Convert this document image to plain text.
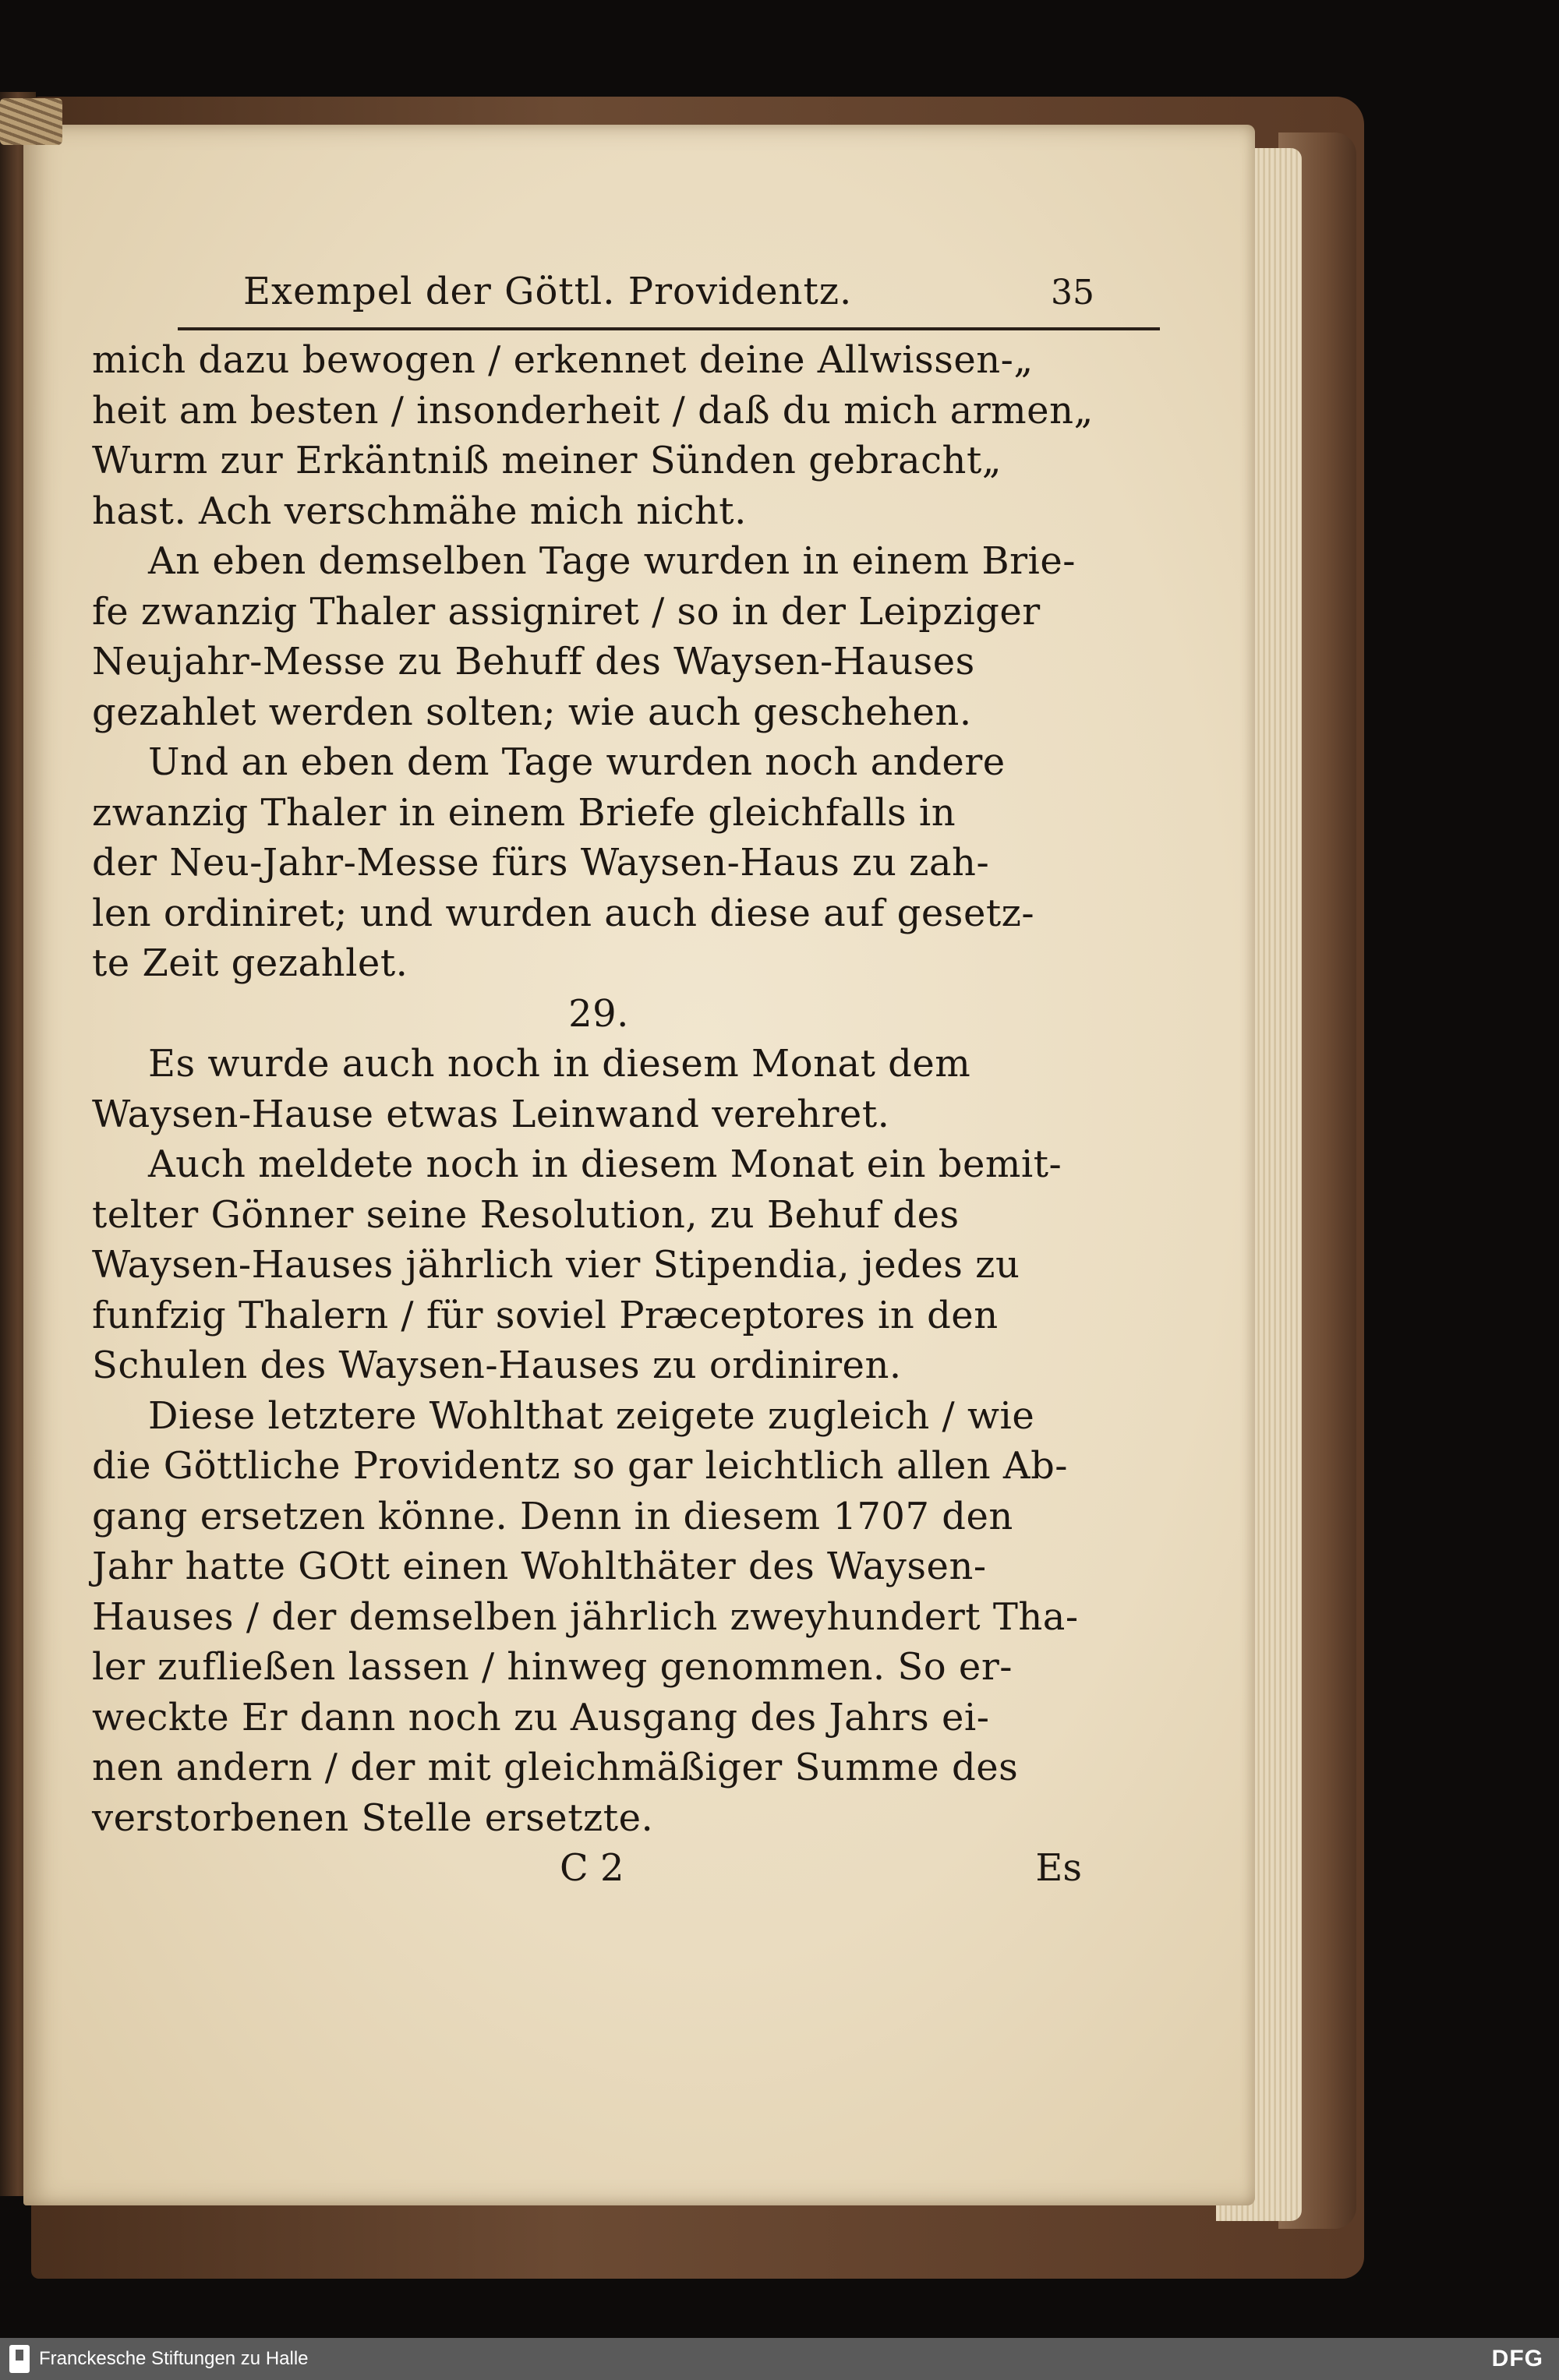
Exempel der Göttl. Providentz.	35
mich dazu bewogen / erkennet deine Allwissen-„
heit am besten / insonderheit / daß du mich armen„
Wurm zur Erkäntniß meiner Sünden gebracht„
hast. Ach verschmähe mich nicht.
An eben demselben Tage wurden in einem Brie-
fe zwanzig Thaler assigniret / so in der Leipziger
Neujahr-Messe zu Behuff des Waysen-Hauses
gezahlet werden solten; wie auch geschehen.
Und an eben dem Tage wurden noch andere
zwanzig Thaler in einem Briefe gleichfalls in
der Neu-Jahr-Messe fürs Waysen-Haus zu zah-
len ordiniret; und wurden auch diese auf gesetz-
te Zeit gezahlet.
29.
Es wurde auch noch in diesem Monat dem
Waysen-Hause etwas Leinwand verehret.
Auch meldete noch in diesem Monat ein bemit-
telter Gönner seine Resolution, zu Behuf des
Waysen-Hauses jährlich vier Stipendia, jedes zu
funfzig Thalern / für soviel Præceptores in den
Schulen des Waysen-Hauses zu ordiniren.
Diese letztere Wohlthat zeigete zugleich / wie
die Göttliche Providentz so gar leichtlich allen Ab-
gang ersetzen könne. Denn in diesem 1707 den
Jahr hatte GOtt einen Wohlthäter des Waysen-
Hauses / der demselben jährlich zweyhundert Tha-
ler zufließen lassen / hinweg genommen. So er-
weckte Er dann noch zu Ausgang des Jahrs ei-
nen andern / der mit gleichmäßiger Summe des
verstorbenen Stelle ersetzte.
C 2	Es
Franckesche Stiftungen zu Halle	DFG
